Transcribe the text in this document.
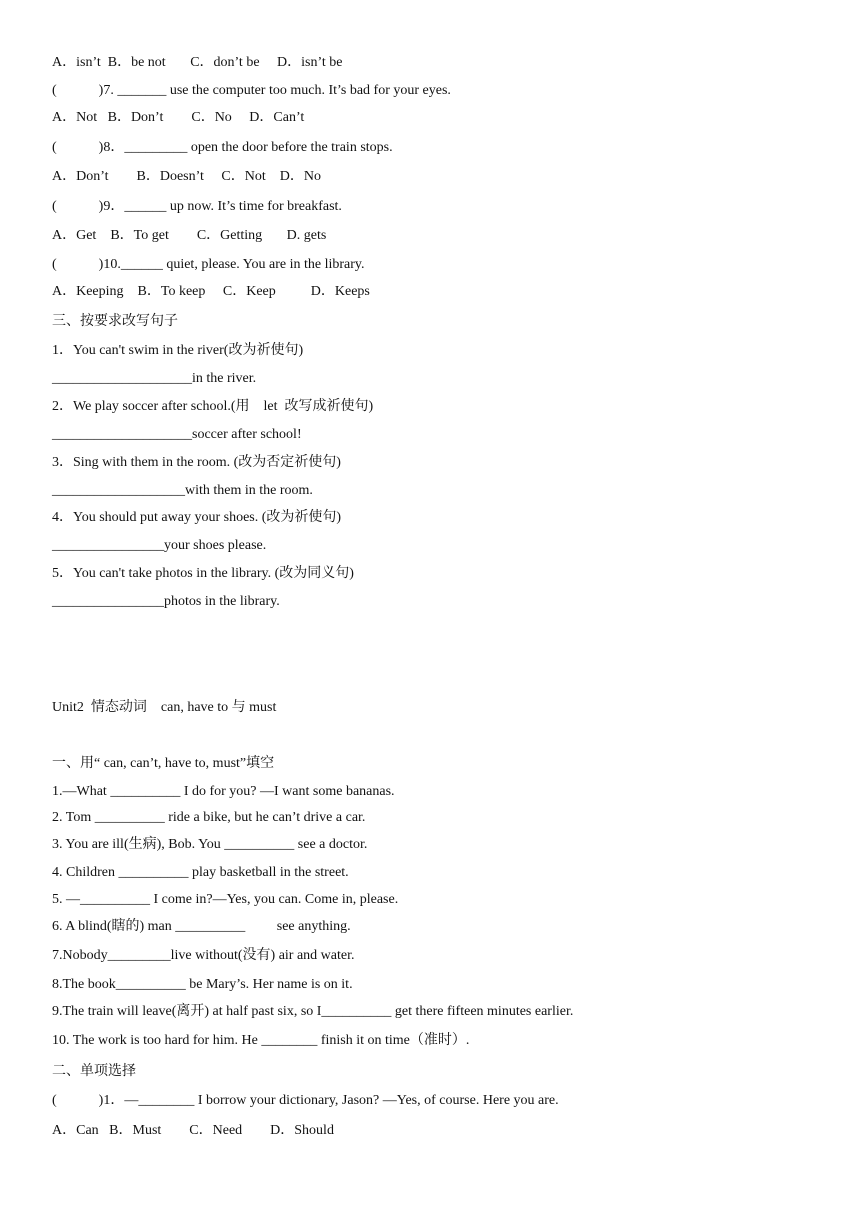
A．isn’t  B．be not       C．don’t be     D．isn’t be
(            )7. _______ use the computer too much. It’s bad for your eyes.
A．Not   B．Don’t        C．No     D．Can’t
(            )8．_________ open the door before the train stops.
A．Don’t        B．Doesn’t     C．Not    D．No
(            )9．______ up now. It’s time for breakfast.
A．Get    B．To get        C．Getting       D. gets
(            )10.______ quiet, please. You are in the library.
A．Keeping    B．To keep     C．Keep          D．Keeps
三、按要求改写句子
1．You can't swim in the river(改为祈使句)
____________________in the river.
2．We play soccer after school.(用    let  改写成祈使句)
____________________soccer after school!
3．Sing with them in the room. (改为否定祈使句)
___________________with them in the room.
4．You should put away your shoes. (改为祈使句)
________________your shoes please.
5．You can't take photos in the library. (改为同义句)
________________photos in the library.
Unit2  情态动词    can, have to 与 must
一、用“ can, can’t, have to, must”填空
1.—What __________ I do for you? —I want some bananas.
2. Tom __________ ride a bike, but he can’t drive a car.
3. You are ill(生病), Bob. You __________ see a doctor.
4. Children __________ play basketball in the street.
5. —__________ I come in?—Yes, you can. Come in, please.
6. A blind(瞎的) man __________         see anything.
7.Nobody_________live without(没有) air and water.
8.The book__________ be Mary’s. Her name is on it.
9.The train will leave(离开) at half past six, so I__________ get there fifteen minutes earlier.
10. The work is too hard for him. He ________ finish it on time（准时）.
二、单项选择
(            )1．—________ I borrow your dictionary, Jason? —Yes, of course. Here you are.
A．Can   B．Must        C．Need        D．Should
